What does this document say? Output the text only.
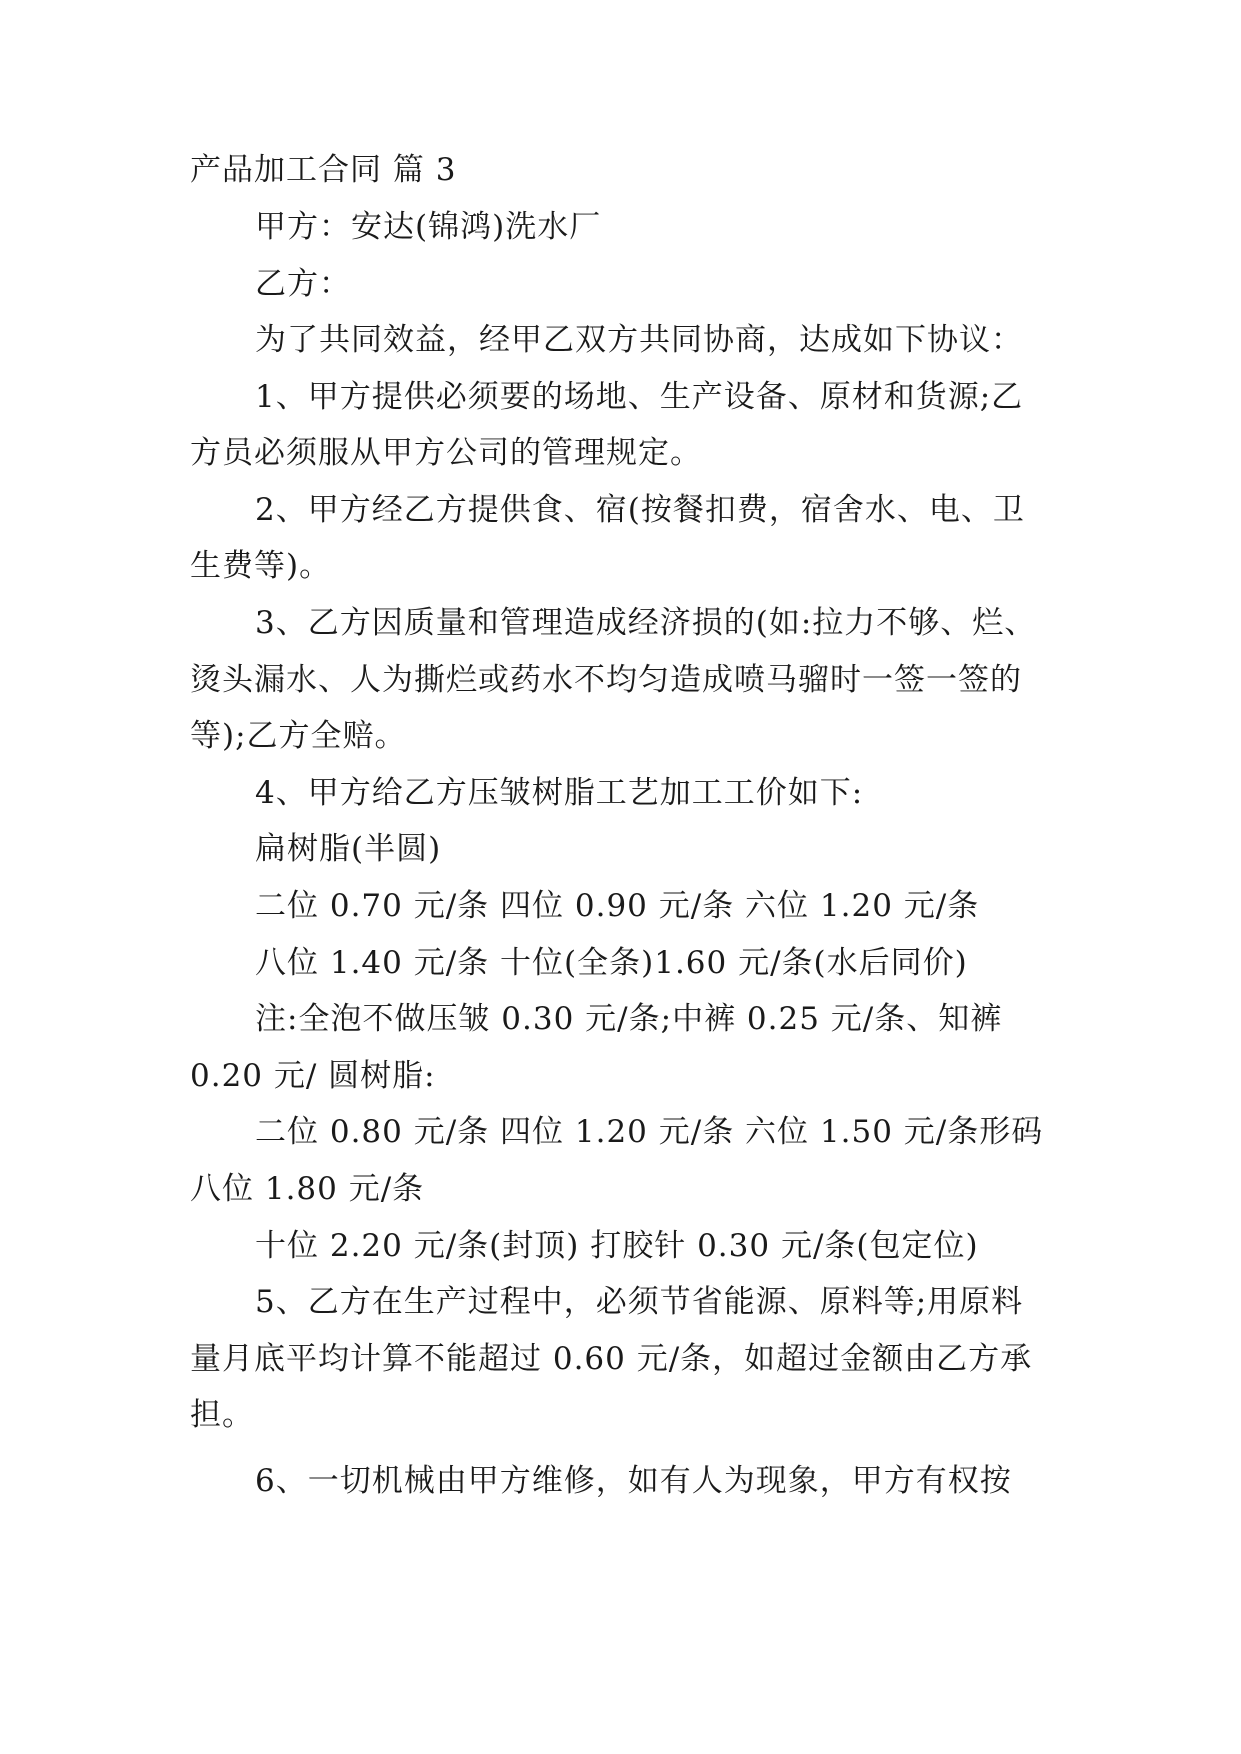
产品加工合同 篇 3
甲方：安达(锦鸿)洗水厂
乙方：
为了共同效益，经甲乙双方共同协商，达成如下协议：
1、甲方提供必须要的场地、生产设备、原材和货源;乙
方员必须服从甲方公司的管理规定。
2、甲方经乙方提供食、宿(按餐扣费，宿舍水、电、卫
生费等)。
3、乙方因质量和管理造成经济损的(如:拉力不够、烂、
烫头漏水、人为撕烂或药水不均匀造成喷马骝时一签一签的
等);乙方全赔。
4、甲方给乙方压皱树脂工艺加工工价如下:
扁树脂(半圆)
二位 0.70 元/条 四位 0.90 元/条 六位 1.20 元/条
八位 1.40 元/条 十位(全条)1.60 元/条(水后同价)
注:全泡不做压皱 0.30 元/条;中裤 0.25 元/条、知裤
0.20 元/ 圆树脂:
二位 0.80 元/条 四位 1.20 元/条 六位 1.50 元/条形码
八位 1.80 元/条
十位 2.20 元/条(封顶) 打胶针 0.30 元/条(包定位)
5、乙方在生产过程中，必须节省能源、原料等;用原料
量月底平均计算不能超过 0.60 元/条，如超过金额由乙方承
担。
6、一切机械由甲方维修，如有人为现象，甲方有权按
